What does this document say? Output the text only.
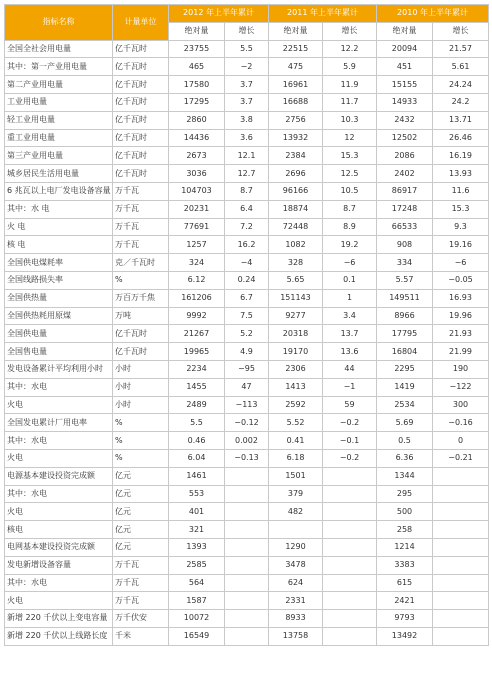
指标名称	计量单位	2012 年上半年累计		2011 年上半年累计		2010 年上半年累计	
		绝对量	增长	绝对量	增长	绝对量	增长
全国全社会用电量	亿千瓦时	23755	5.5	22515	12.2	20094	21.57
其中：第一产业用电量	亿千瓦时	465	−2	475	5.9	451	5.61
第二产业用电量	亿千瓦时	17580	3.7	16961	11.9	15155	24.24
工业用电量	亿千瓦时	17295	3.7	16688	11.7	14933	24.2
轻工业用电量	亿千瓦时	2860	3.8	2756	10.3	2432	13.71
重工业用电量	亿千瓦时	14436	3.6	13932	12	12502	26.46
第三产业用电量	亿千瓦时	2673	12.1	2384	15.3	2086	16.19
城乡居民生活用电量	亿千瓦时	3036	12.7	2696	12.5	2402	13.93
6 兆瓦以上电厂发电设备容量	万千瓦	104703	8.7	96166	10.5	86917	11.6
其中：水 电	万千瓦	20231	6.4	18874	8.7	17248	15.3
火 电	万千瓦	77691	7.2	72448	8.9	66533	9.3
核 电	万千瓦	1257	16.2	1082	19.2	908	19.16
全国供电煤耗率	克／千瓦时	324	−4	328	−6	334	−6
全国线路损失率	%	6.12	0.24	5.65	0.1	5.57	−0.05
全国供热量	万百万千焦	161206	6.7	151143	1	149511	16.93
全国供热耗用原煤	万吨	9992	7.5	9277	3.4	8966	19.96
全国供电量	亿千瓦时	21267	5.2	20318	13.7	17795	21.93
全国售电量	亿千瓦时	19965	4.9	19170	13.6	16804	21.99
发电设备累计平均利用小时	小时	2234	−95	2306	44	2295	190
其中：水电	小时	1455	47	1413	−1	1419	−122
火电	小时	2489	−113	2592	59	2534	300
全国发电累计厂用电率	%	5.5	−0.12	5.52	−0.2	5.69	−0.16
其中：水电	%	0.46	0.002	0.41	−0.1	0.5	0
火电	%	6.04	−0.13	6.18	−0.2	6.36	−0.21
电源基本建设投资完成额	亿元	1461		1501		1344	
其中：水电	亿元	553		379		295	
火电	亿元	401		482		500	
核电	亿元	321				258	
电网基本建设投资完成额	亿元	1393		1290		1214	
发电新增设备容量	万千瓦	2585		3478		3383	
其中：水电	万千瓦	564		624		615	
火电	万千瓦	1587		2331		2421	
新增 220 千伏以上变电容量	万千伏安	10072		8933		9793	
新增 220 千伏以上线路长度	千米	16549		13758		13492	
